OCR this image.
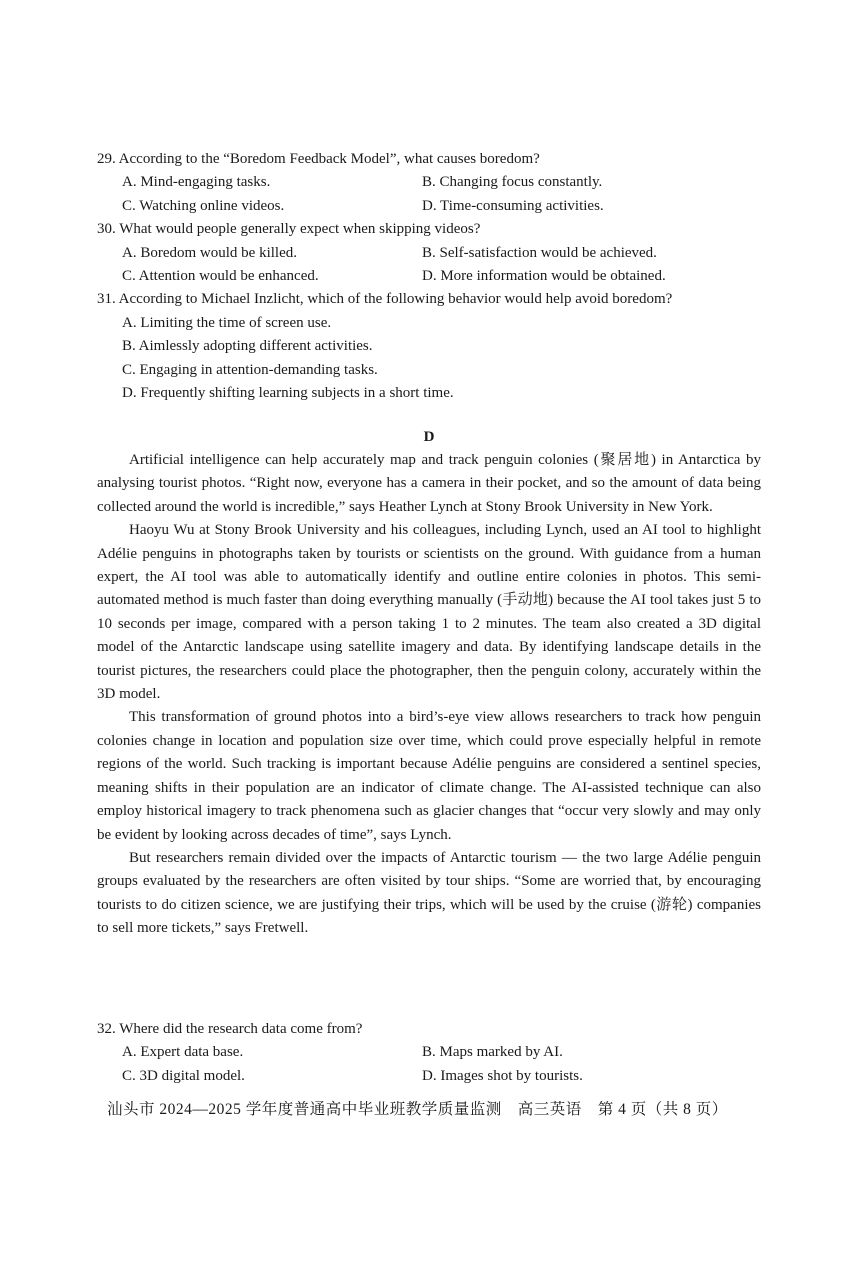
29. According to the “Boredom Feedback Model”, what causes boredom?

A. Mind-engaging tasks.	B. Changing focus constantly.
C. Watching online videos.	D. Time-consuming activities.

30. What would people generally expect when skipping videos?

A. Boredom would be killed.	B. Self-satisfaction would be achieved.
C. Attention would be enhanced.	D. More information would be obtained.

31. According to Michael Inzlicht, which of the following behavior would help avoid boredom?

A. Limiting the time of screen use.
B. Aimlessly adopting different activities.
C. Engaging in attention-demanding tasks.
D. Frequently shifting learning subjects in a short time.
D

Artificial intelligence can help accurately map and track penguin colonies (聚居地) in Antarctica by analysing tourist photos. “Right now, everyone has a camera in their pocket, and so the amount of data being collected around the world is incredible,” says Heather Lynch at Stony Brook University in New York.

Haoyu Wu at Stony Brook University and his colleagues, including Lynch, used an AI tool to highlight Adélie penguins in photographs taken by tourists or scientists on the ground. With guidance from a human expert, the AI tool was able to automatically identify and outline entire colonies in photos. This semi-automated method is much faster than doing everything manually (手动地) because the AI tool takes just 5 to 10 seconds per image, compared with a person taking 1 to 2 minutes. The team also created a 3D digital model of the Antarctic landscape using satellite imagery and data. By identifying landscape details in the tourist pictures, the researchers could place the photographer, then the penguin colony, accurately within the 3D model.

This transformation of ground photos into a bird’s-eye view allows researchers to track how penguin colonies change in location and population size over time, which could prove especially helpful in remote regions of the world. Such tracking is important because Adélie penguins are considered a sentinel species, meaning shifts in their population are an indicator of climate change. The AI-assisted technique can also employ historical imagery to track phenomena such as glacier changes that “occur very slowly and may only be evident by looking across decades of time”, says Lynch.

But researchers remain divided over the impacts of Antarctic tourism — the two large Adélie penguin groups evaluated by the researchers are often visited by tour ships. “Some are worried that, by encouraging tourists to do citizen science, we are justifying their trips, which will be used by the cruise (游轮) companies to sell more tickets,” says Fretwell.

32. Where did the research data come from?

A. Expert data base.	B. Maps marked by AI.
C. 3D digital model.	D. Images shot by tourists.
汕头市 2024—2025 学年度普通高中毕业班教学质量监测　高三英语　第 4 页（共 8 页）
